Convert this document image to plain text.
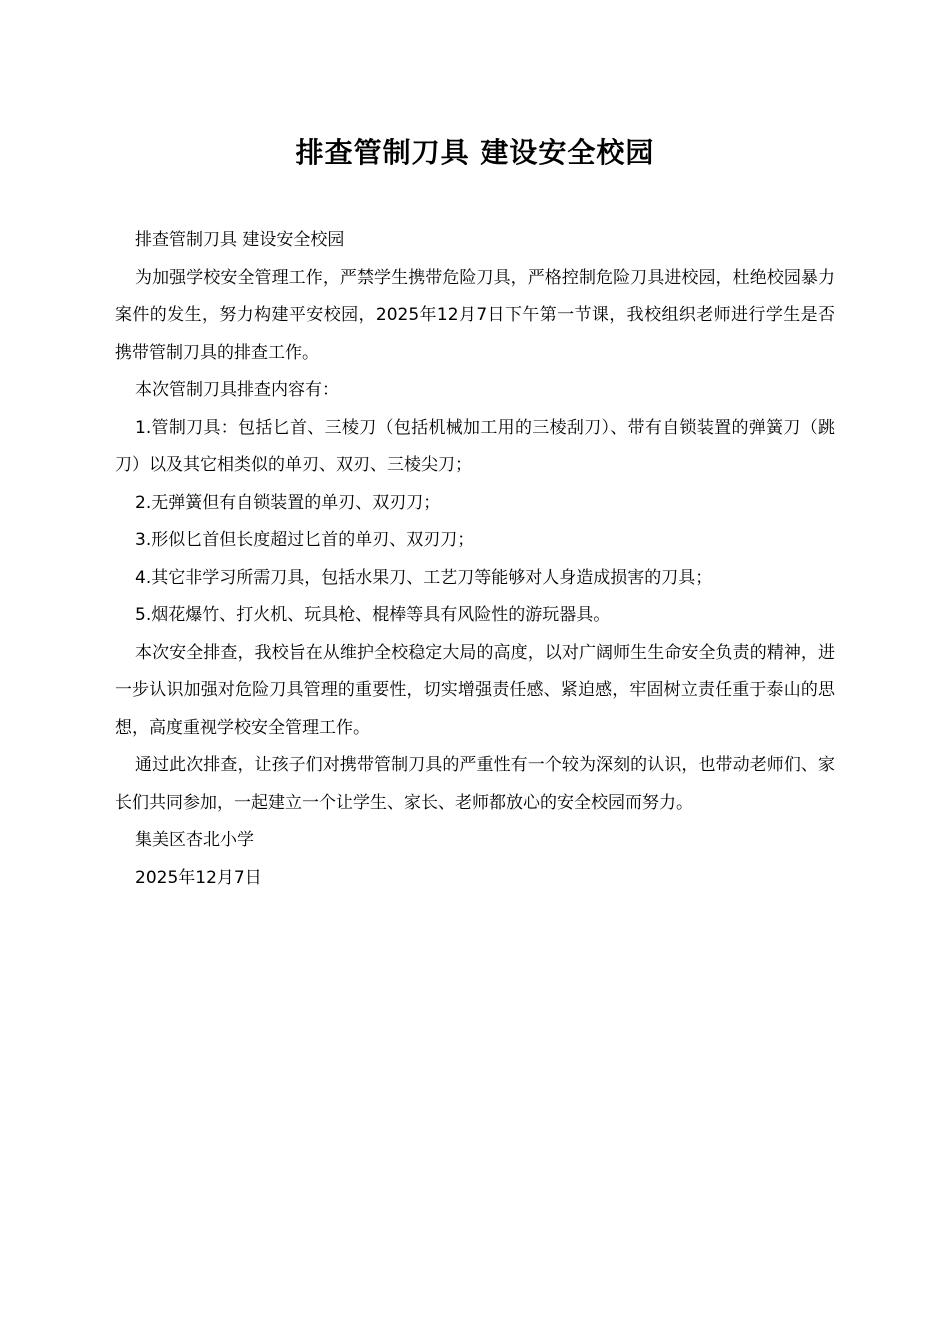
排查管制刀具 建设安全校园

排查管制刀具 建设安全校园

为加强学校安全管理工作，严禁学生携带危险刀具，严格控制危险刀具进校园，杜绝校园暴力案件的发生，努力构建平安校园，2025年12月7日下午第一节课，我校组织老师进行学生是否携带管制刀具的排查工作。

本次管制刀具排查内容有：

1.管制刀具：包括匕首、三棱刀（包括机械加工用的三棱刮刀）、带有自锁装置的弹簧刀（跳刀）以及其它相类似的单刃、双刃、三棱尖刀；

2.无弹簧但有自锁装置的单刃、双刃刀；

3.形似匕首但长度超过匕首的单刃、双刃刀；

4.其它非学习所需刀具，包括水果刀、工艺刀等能够对人身造成损害的刀具；

5.烟花爆竹、打火机、玩具枪、棍棒等具有风险性的游玩器具。

本次安全排查，我校旨在从维护全校稳定大局的高度，以对广阔师生生命安全负责的精神，进一步认识加强对危险刀具管理的重要性，切实增强责任感、紧迫感，牢固树立责任重于泰山的思想，高度重视学校安全管理工作。

通过此次排查，让孩子们对携带管制刀具的严重性有一个较为深刻的认识，也带动老师们、家长们共同参加，一起建立一个让学生、家长、老师都放心的安全校园而努力。

集美区杏北小学

2025年12月7日
